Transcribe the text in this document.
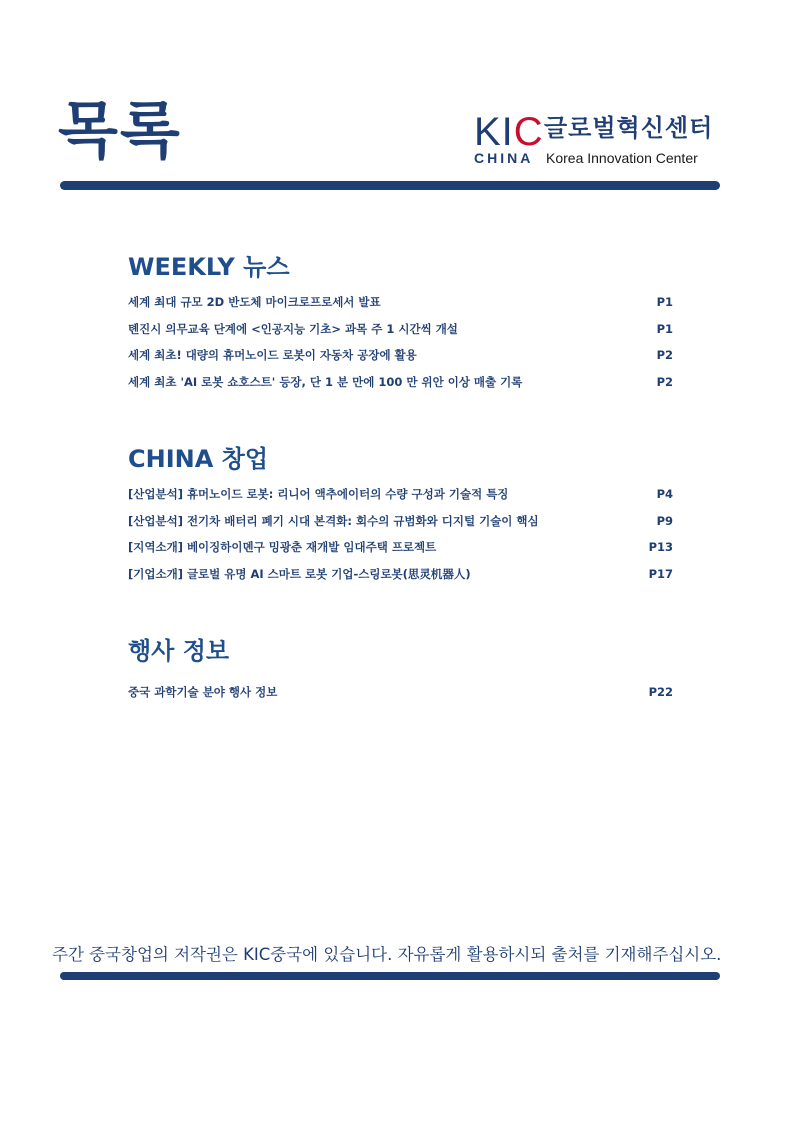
목록	KIC 글로벌혁신센터
CHINA Korea Innovation Center
WEEKLY 뉴스
세계 최대 규모 2D 반도체 마이크로프로세서 발표	P1
톈진시 의무교육 단계에 <인공지능 기초> 과목 주 1 시간씩 개설	P1
세계 최초! 대량의 휴머노이드 로봇이 자동차 공장에 활용	P2
세계 최초 'AI 로봇 쇼호스트' 등장, 단 1 분 만에 100 만 위안 이상 매출 기록	P2
CHINA 창업
[산업분석] 휴머노이드 로봇: 리니어 액추에이터의 수량 구성과 기술적 특징	P4
[산업분석] 전기차 배터리 폐기 시대 본격화: 회수의 규범화와 디지털 기술이 핵심	P9
[지역소개] 베이징하이뎬구 밍광춘 재개발 임대주택 프로젝트	P13
[기업소개] 글로벌 유명 AI 스마트 로봇 기업-스링로봇(思灵机器人)	P17
행사 정보
중국 과학기술 분야 행사 정보	P22
주간 중국창업의 저작권은 KIC중국에 있습니다. 자유롭게 활용하시되 출처를 기재해주십시오.
